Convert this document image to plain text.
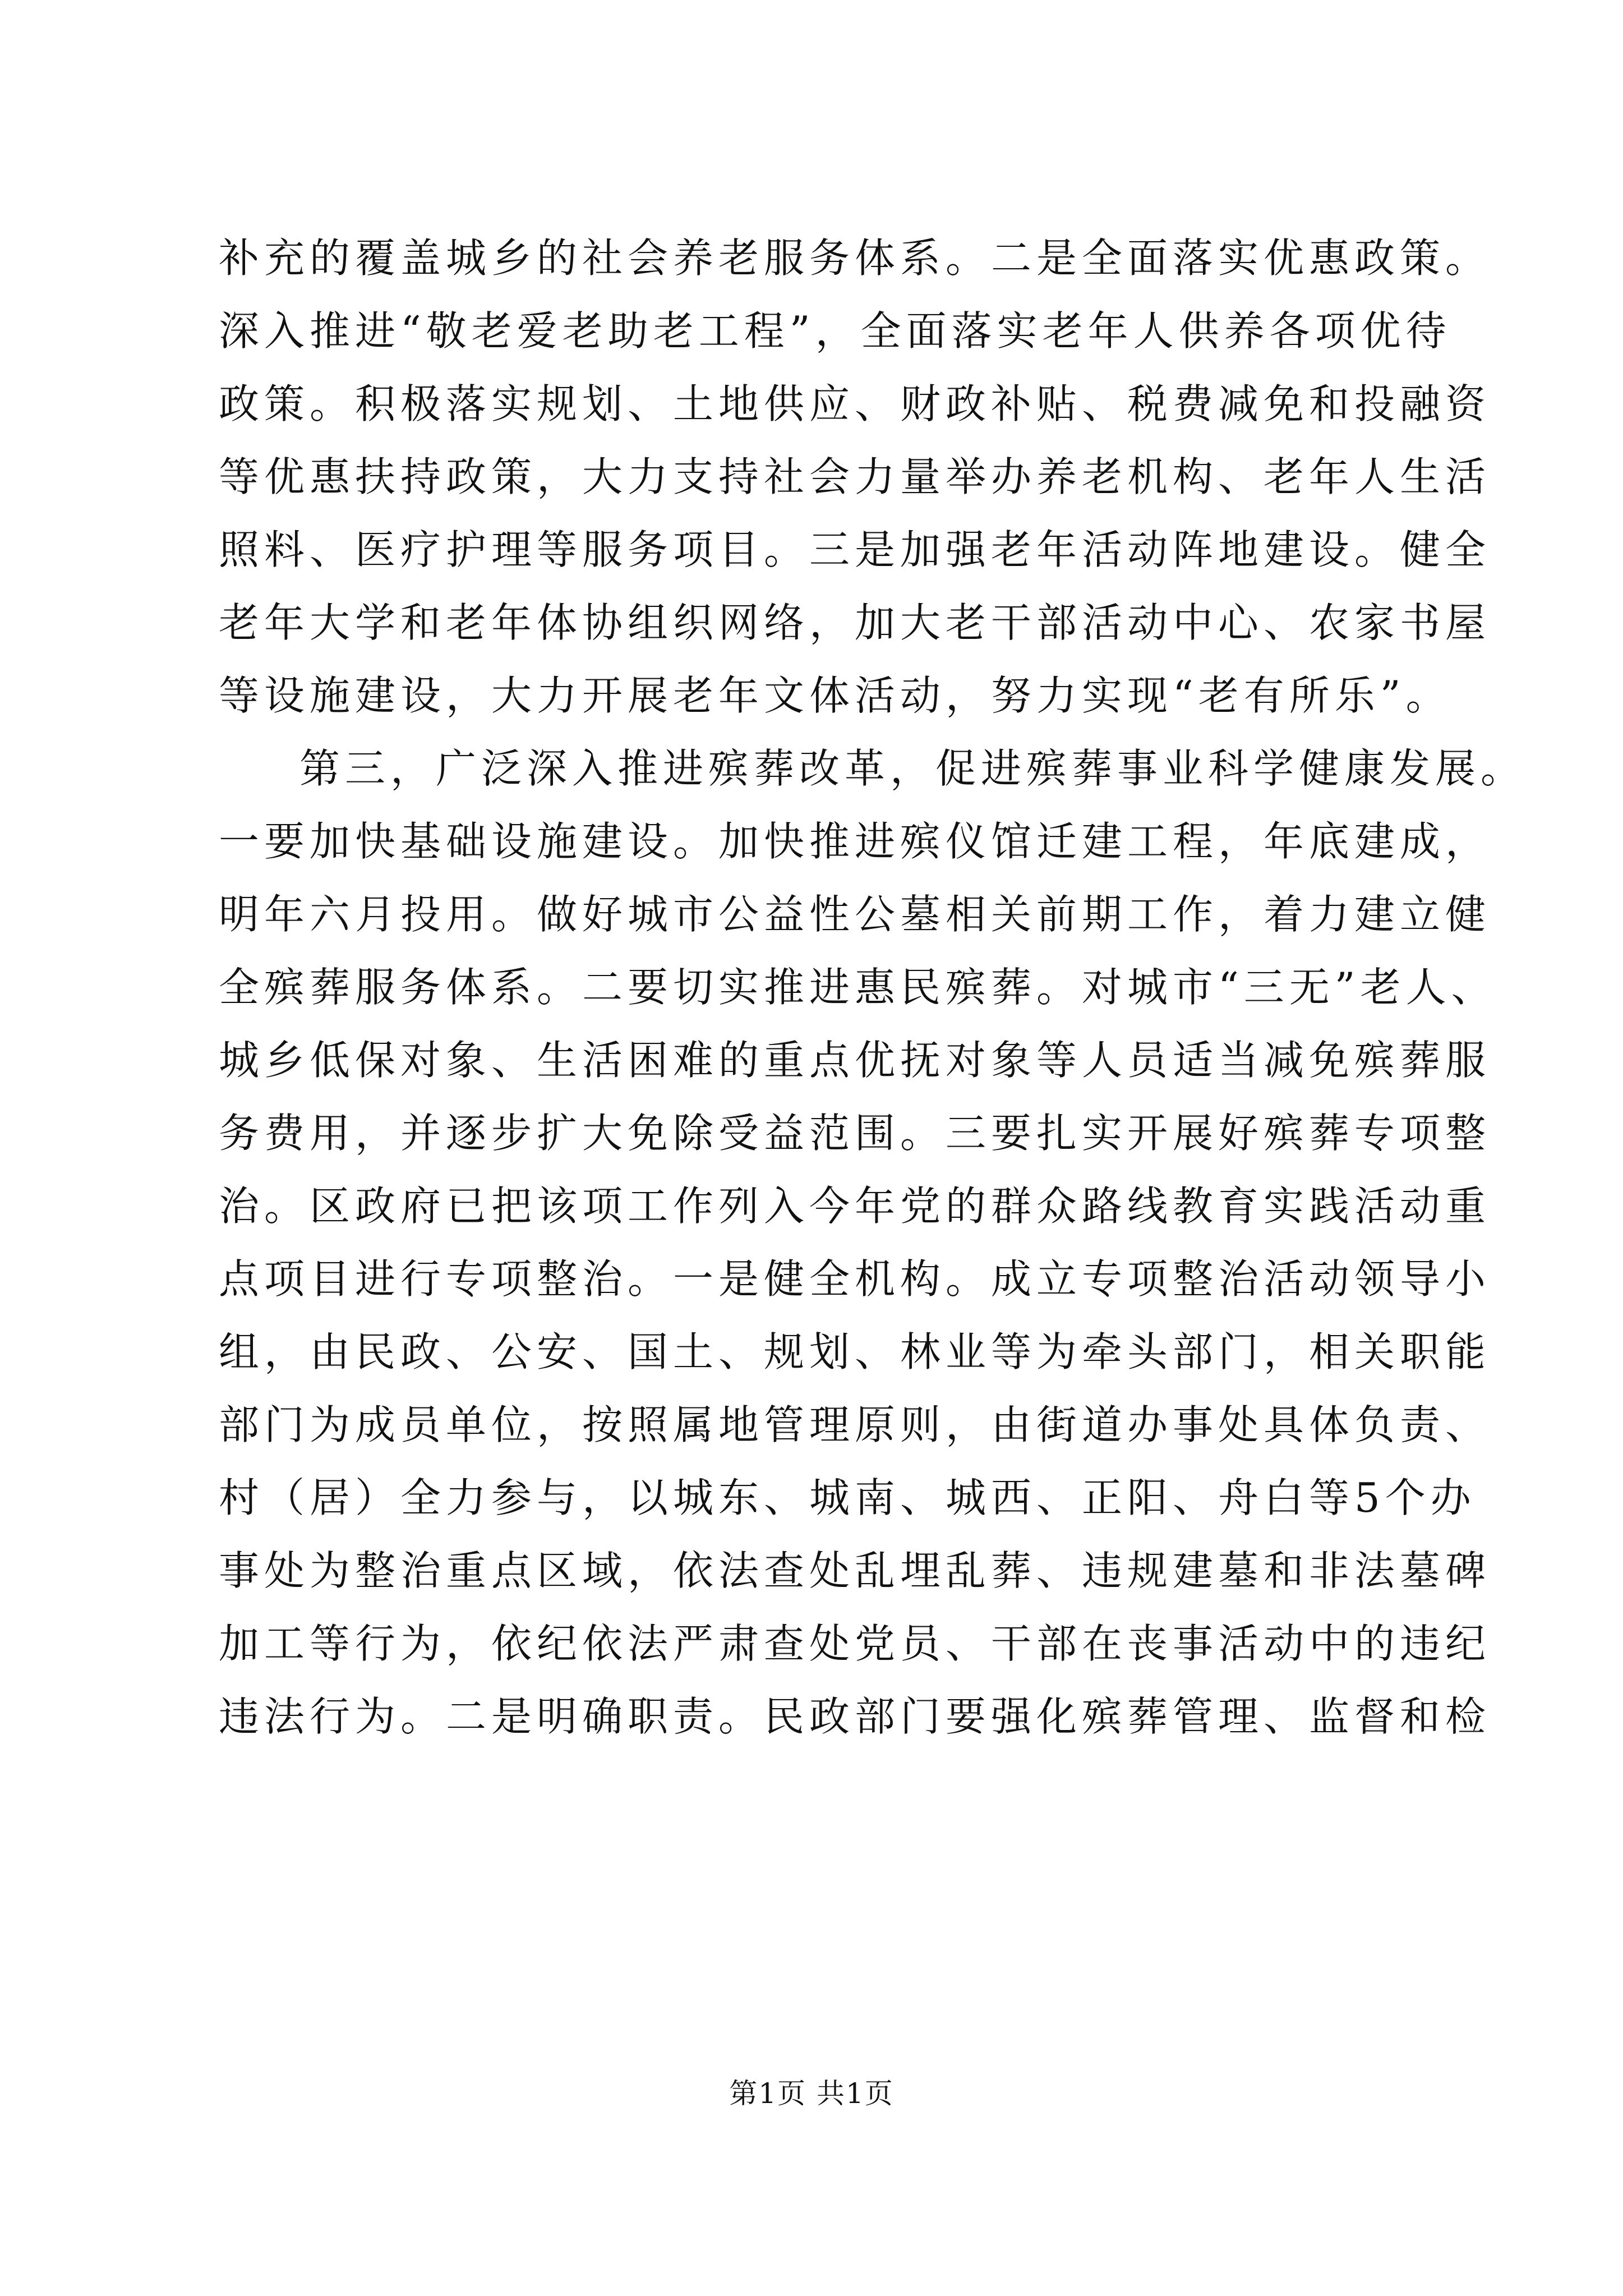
补充的覆盖城乡的社会养老服务体系。二是全面落实优惠政策。
深入推进“敬老爱老助老工程”，全面落实老年人供养各项优待
政策。积极落实规划、土地供应、财政补贴、税费减免和投融资
等优惠扶持政策，大力支持社会力量举办养老机构、老年人生活
照料、医疗护理等服务项目。三是加强老年活动阵地建设。健全
老年大学和老年体协组织网络，加大老干部活动中心、农家书屋
等设施建设，大力开展老年文体活动，努力实现“老有所乐”。
第三，广泛深入推进殡葬改革，促进殡葬事业科学健康发展。
一要加快基础设施建设。加快推进殡仪馆迁建工程，年底建成，
明年六月投用。做好城市公益性公墓相关前期工作，着力建立健
全殡葬服务体系。二要切实推进惠民殡葬。对城市“三无”老人、
城乡低保对象、生活困难的重点优抚对象等人员适当减免殡葬服
务费用，并逐步扩大免除受益范围。三要扎实开展好殡葬专项整
治。区政府已把该项工作列入今年党的群众路线教育实践活动重
点项目进行专项整治。一是健全机构。成立专项整治活动领导小
组，由民政、公安、国土、规划、林业等为牵头部门，相关职能
部门为成员单位，按照属地管理原则，由街道办事处具体负责、
村（居）全力参与，以城东、城南、城西、正阳、舟白等5个办
事处为整治重点区域，依法查处乱埋乱葬、违规建墓和非法墓碑
加工等行为，依纪依法严肃查处党员、干部在丧事活动中的违纪
违法行为。二是明确职责。民政部门要强化殡葬管理、监督和检
第1页 共1页
